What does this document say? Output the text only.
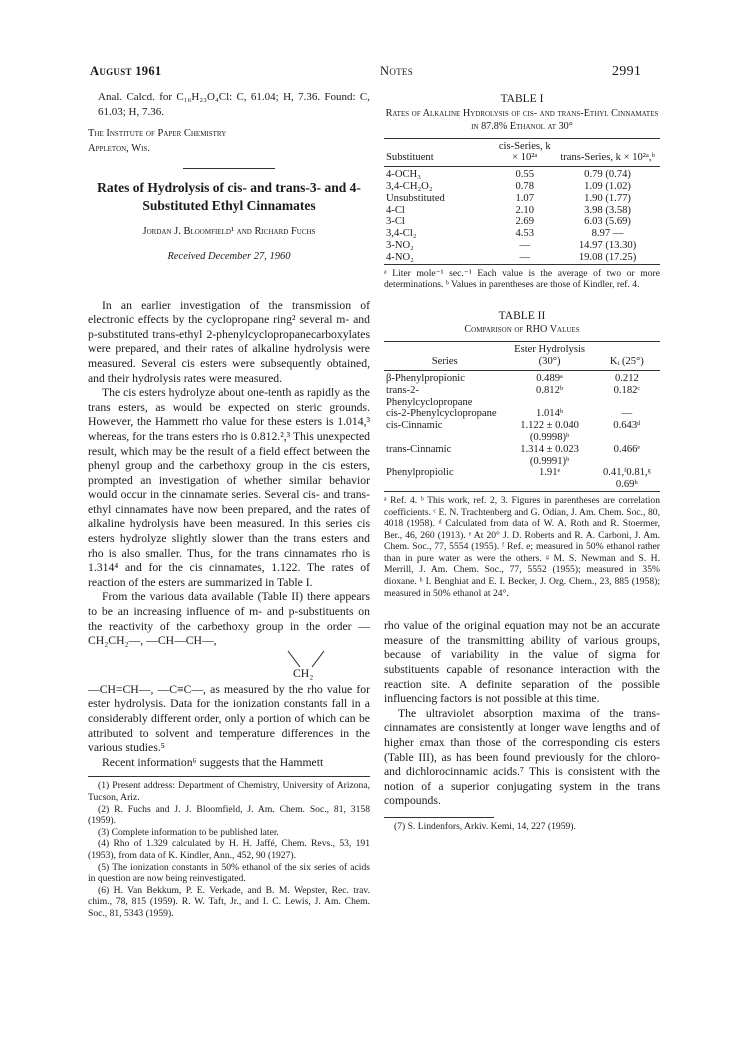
August 1961	Notes	2991

Anal. Calcd. for C₁₆H₂₃O₄Cl: C, 61.04; H, 7.36. Found: C, 61.03; H, 7.36.

The Institute of Paper Chemistry
Appleton, Wis.
Rates of Hydrolysis of cis- and trans-3- and 4-Substituted Ethyl Cinnamates
Jordan J. Bloomfield¹ and Richard Fuchs
Received December 27, 1960

In an earlier investigation of the transmission of electronic effects by the cyclopropane ring² several m- and p-substituted trans-ethyl 2-phenylcyclopropanecarboxylates were prepared, and their rates of alkaline hydrolysis were measured. Several cis esters were subsequently obtained, and their hydrolysis rates were measured.

The cis esters hydrolyze about one-tenth as rapidly as the trans esters, as would be expected on steric grounds. However, the Hammett rho value for these esters is 1.014,³ whereas, for the trans esters rho is 0.812.²,³ This unexpected result, which may be the result of a field effect between the phenyl group and the carbethoxy group in the cis esters, prompted an investigation of whether similar behavior would occur in the cinnamate series. Several cis- and trans-ethyl cinnamates have now been prepared, and the rates of alkaline hydrolysis have been measured. In this series cis esters hydrolyze slightly slower than the trans esters and rho is also smaller. Thus, for the trans cinnamates rho is 1.314⁴ and for the cis cinnamates, 1.122. The rates of reaction of the esters are summarized in Table I.

From the various data available (Table II) there appears to be an increasing influence of m- and p-substituents on the reactivity of the carbethoxy group in the order —CH₂CH₂—, —CH—CH—,

CH₂

—CH=CH—, —C≡C—, as measured by the rho value for ester hydrolysis. Data for the ionization constants fall in a considerably different order, only a portion of which can be attributed to solvent and temperature differences in the various studies.⁵

Recent information⁶ suggests that the Hammett

(1) Present address: Department of Chemistry, University of Arizona, Tucson, Ariz.
(2) R. Fuchs and J. J. Bloomfield, J. Am. Chem. Soc., 81, 3158 (1959).
(3) Complete information to be published later.
(4) Rho of 1.329 calculated by H. H. Jaffé, Chem. Revs., 53, 191 (1953), from data of K. Kindler, Ann., 452, 90 (1927).
(5) The ionization constants in 50% ethanol of the six series of acids in question are now being reinvestigated.
(6) H. Van Bekkum, P. E. Verkade, and B. M. Wepster, Rec. trav. chim., 78, 815 (1959). R. W. Taft, Jr., and I. C. Lewis, J. Am. Chem. Soc., 81, 5343 (1959).
TABLE I
Rates of Alkaline Hydrolysis of cis- and trans-Ethyl Cinnamates in 87.8% Ethanol at 30°
Substituent	cis-Series, k × 10²ᵃ	trans-Series, k × 10²ᵃ,ᵇ
4-OCH₃	0.55	0.79 (0.74)
3,4-CH₂O₂	0.78	1.09 (1.02)
Unsubstituted	1.07	1.90 (1.77)
4-Cl	2.10	3.98 (3.58)
3-Cl	2.69	6.03 (5.69)
3,4-Cl₂	4.53	8.97 —
3-NO₂	—	14.97 (13.30)
4-NO₂	—	19.08 (17.25)
ᵃ Liter mole⁻¹ sec.⁻¹ Each value is the average of two or more determinations. ᵇ Values in parentheses are those of Kindler, ref. 4.
TABLE II
Comparison of RHO Values
Series	Ester Hydrolysis (30°)	Kᵢ (25°)
β-Phenylpropionic	0.489ᵃ	0.212
trans-2-Phenylcyclopropane	0.812ᵇ	0.182ᶜ
cis-2-Phenylcyclopropane	1.014ᵇ	—
cis-Cinnamic	1.122 ± 0.040 (0.9998)ᵇ	0.643ᵈ
trans-Cinnamic	1.314 ± 0.023 (0.9991)ᵇ	0.466ᵉ
Phenylpropiolic	1.91ᵉ	0.41,ᶠ0.81,ᵍ 0.69ʰ
ᵃ Ref. 4. ᵇ This work, ref. 2, 3. Figures in parentheses are correlation coefficients. ᶜ E. N. Trachtenberg and G. Odian, J. Am. Chem. Soc., 80, 4018 (1958). ᵈ Calculated from data of W. A. Roth and R. Stoermer, Ber., 46, 260 (1913). ᵉ At 20° J. D. Roberts and R. A. Carboni, J. Am. Chem. Soc., 77, 5554 (1955). ᶠ Ref. e; measured in 50% ethanol rather than in pure water as were the others. ᵍ M. S. Newman and S. H. Merrill, J. Am. Chem. Soc., 77, 5552 (1955); measured in 35% dioxane. ʰ I. Benghiat and E. I. Becker, J. Org. Chem., 23, 885 (1958); measured in 50% ethanol at 24°.

rho value of the original equation may not be an accurate measure of the transmitting ability of various groups, because of variability in the value of sigma for substituents capable of resonance interaction with the reaction site. A definite separation of the possible influencing factors is not possible at this time.

The ultraviolet absorption maxima of the trans-cinnamates are consistently at longer wave lengths and of higher εmax than those of the corresponding cis esters (Table III), as has been found previously for the chloro- and dichlorocinnamic acids.⁷ This is consistent with the notion of a superior conjugating system in the trans compounds.

(7) S. Lindenfors, Arkiv. Kemi, 14, 227 (1959).
